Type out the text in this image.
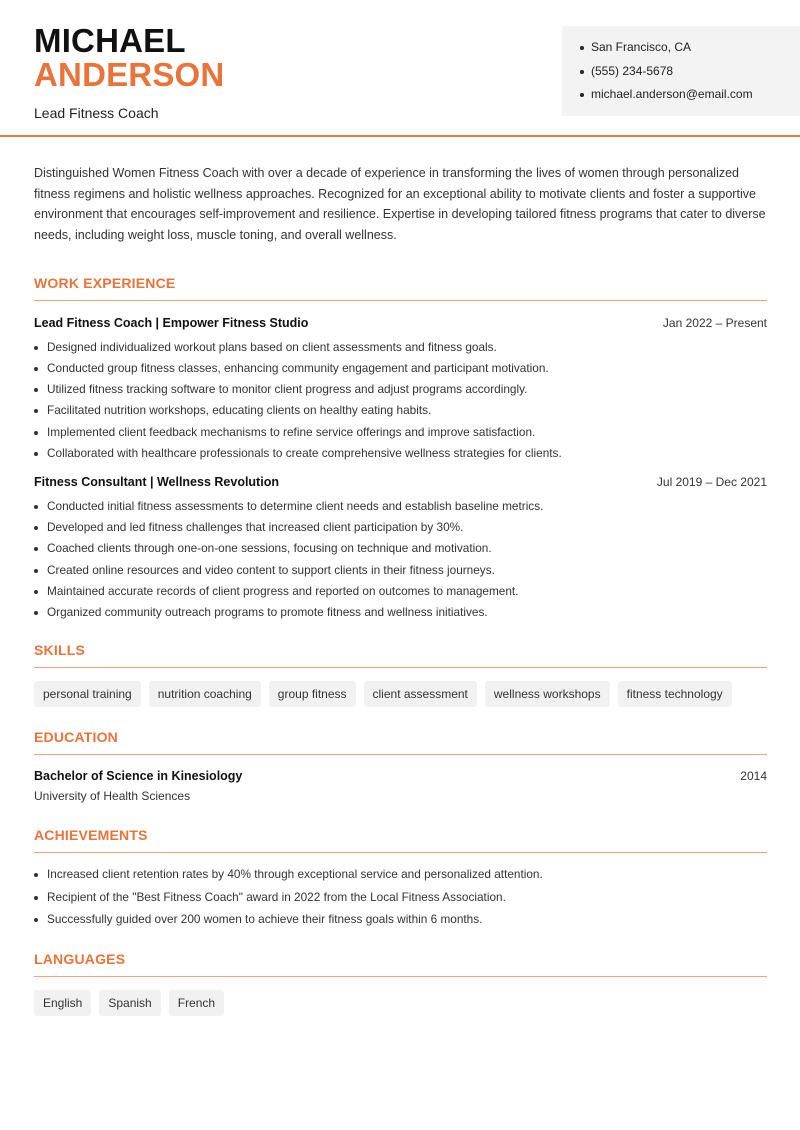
MICHAEL
ANDERSON
Lead Fitness Coach
San Francisco, CA
(555) 234-5678
michael.anderson@email.com

Distinguished Women Fitness Coach with over a decade of experience in transforming the lives of women through personalized fitness regimens and holistic wellness approaches. Recognized for an exceptional ability to motivate clients and foster a supportive environment that encourages self-improvement and resilience. Expertise in developing tailored fitness programs that cater to diverse needs, including weight loss, muscle toning, and overall wellness.

WORK EXPERIENCE
Lead Fitness Coach | Empower Fitness Studio	Jan 2022 – Present
Designed individualized workout plans based on client assessments and fitness goals.
Conducted group fitness classes, enhancing community engagement and participant motivation.
Utilized fitness tracking software to monitor client progress and adjust programs accordingly.
Facilitated nutrition workshops, educating clients on healthy eating habits.
Implemented client feedback mechanisms to refine service offerings and improve satisfaction.
Collaborated with healthcare professionals to create comprehensive wellness strategies for clients.
Fitness Consultant | Wellness Revolution	Jul 2019 – Dec 2021
Conducted initial fitness assessments to determine client needs and establish baseline metrics.
Developed and led fitness challenges that increased client participation by 30%.
Coached clients through one-on-one sessions, focusing on technique and motivation.
Created online resources and video content to support clients in their fitness journeys.
Maintained accurate records of client progress and reported on outcomes to management.
Organized community outreach programs to promote fitness and wellness initiatives.
SKILLS
personal training	nutrition coaching	group fitness	client assessment	wellness workshops	fitness technology
EDUCATION
Bachelor of Science in Kinesiology	2014
University of Health Sciences
ACHIEVEMENTS
Increased client retention rates by 40% through exceptional service and personalized attention.
Recipient of the "Best Fitness Coach" award in 2022 from the Local Fitness Association.
Successfully guided over 200 women to achieve their fitness goals within 6 months.
LANGUAGES
English	Spanish	French
